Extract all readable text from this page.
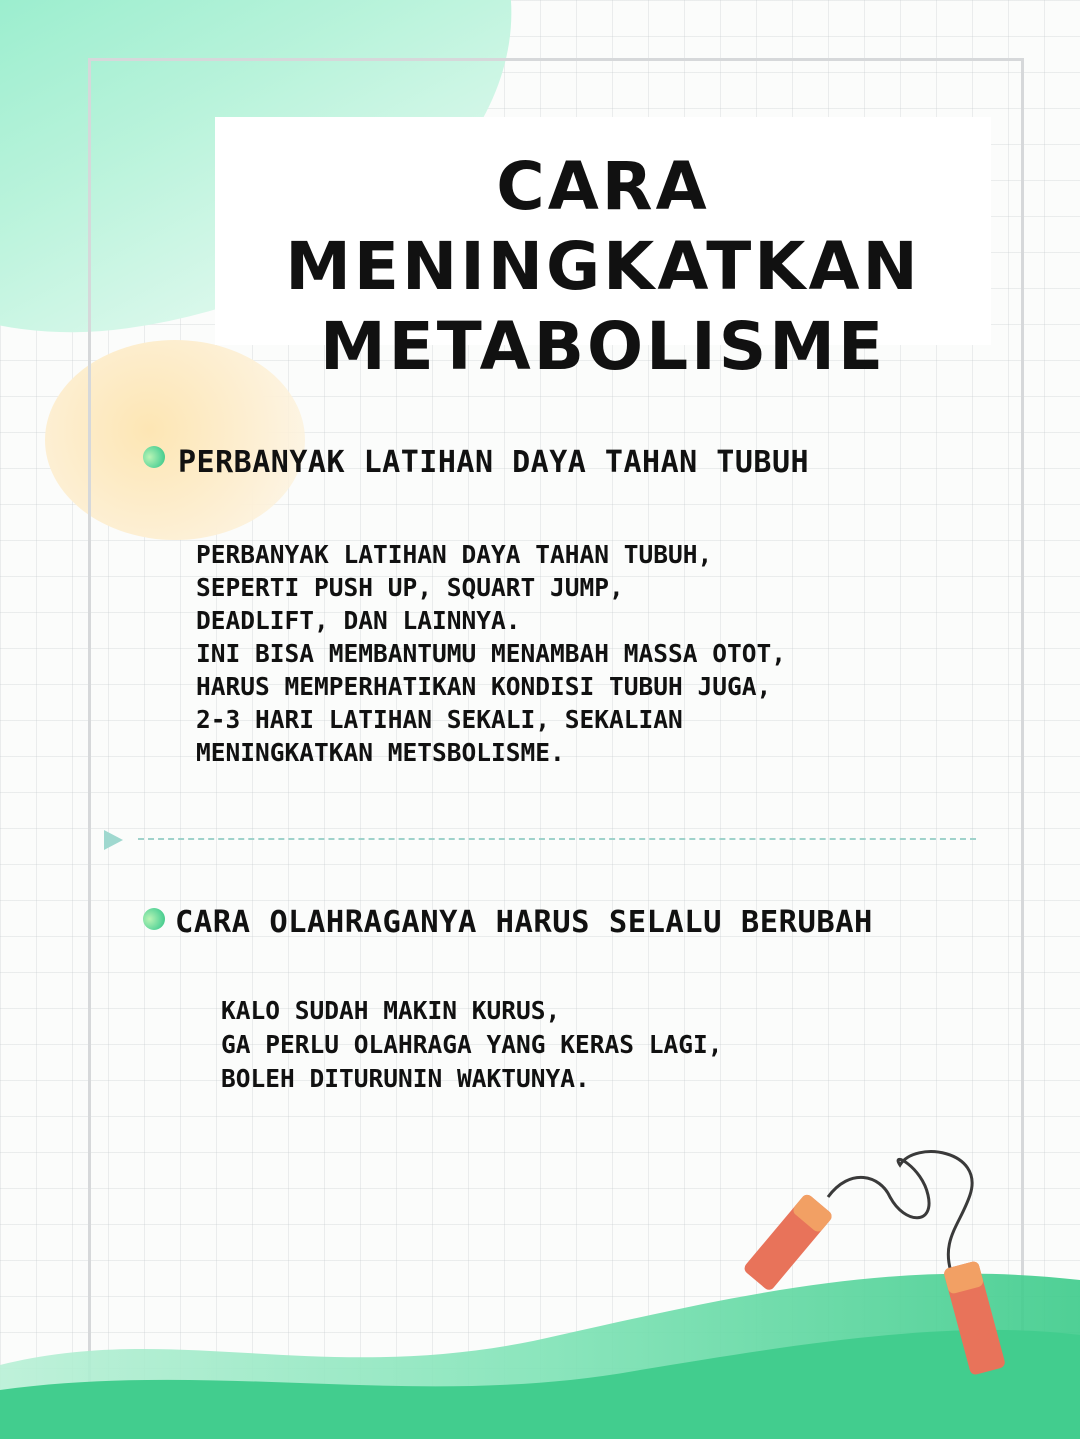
CARA MENINGKATKAN
METABOLISME
PERBANYAK LATIHAN DAYA TAHAN TUBUH
PERBANYAK LATIHAN DAYA TAHAN TUBUH,
SEPERTI PUSH UP, SQUART JUMP,
DEADLIFT, DAN LAINNYA.
INI BISA MEMBANTUMU MENAMBAH MASSA OTOT,
HARUS MEMPERHATIKAN KONDISI TUBUH JUGA,
2-3 HARI LATIHAN SEKALI, SEKALIAN
MENINGKATKAN METSBOLISME.
CARA OLAHRAGANYA HARUS SELALU BERUBAH
KALO SUDAH MAKIN KURUS,
GA PERLU OLAHRAGA YANG KERAS LAGI,
BOLEH DITURUNIN WAKTUNYA.
